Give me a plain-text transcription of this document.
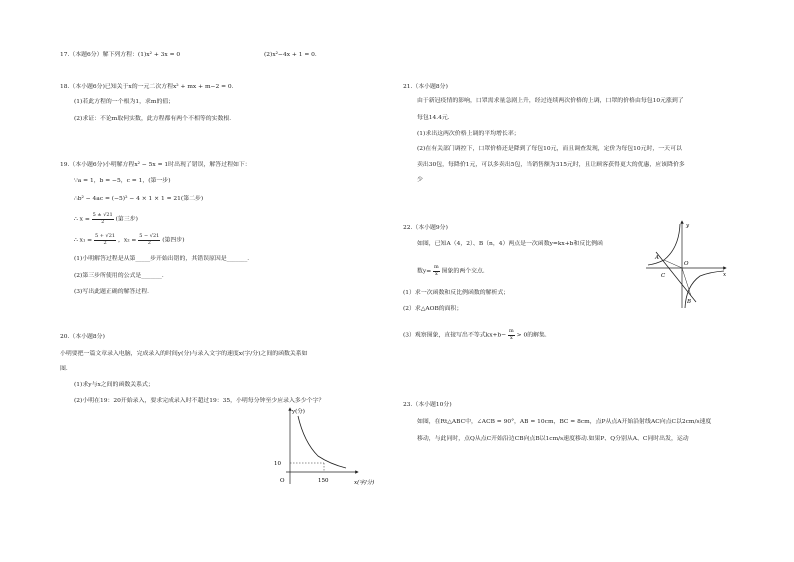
17.（本题6分）解下列方程：(1)x² + 3x = 0	(2)x²−4x + 1 = 0．
18.（本小题6分)已知关于x的一元二次方程x² + mx + m−2 = 0．
(1)若此方程的一个根为1，求m的值；
(2)求证：不论m取何实数，此方程都有两个不相等的实数根．
19.（本小题6分)小明解方程x² − 5x = 1时出现了错误，解答过程如下：
∵a = 1，b = −5，c = 1，(第一步)
∴b² − 4ac = (−5)² − 4 × 1 × 1 = 21(第二步)
∴ $x = \frac{5 \pm √21}{2}$ (第三步)
∴ $x_1 = \frac{5 + √21}{2}$ ，$x_2 = \frac{5 - √21}{2}$ (第四步)
(1)小明解答过程是从第_____步开始出错的，其错误原因是_______．
(2)第三步所使用的公式是_______．
(3)写出此题正确的解答过程．
20.（本小题8分)
小明要把一篇文章录入电脑，完成录入的时间y(分)与录入文字的速度x(字/分)之间的函数关系如
图．
(1)求y与x之间的函数关系式；
(2)小明在19：20开始录入，要求完成录入时不超过19：35，小明每分钟至少应录入多少个字？
y(分)
x(字/分)
10
150
O
21.（本小题8分)
由于新冠疫情的影响，口罩需求量急剧上升，经过连续两次价格的上调，口罩的价格由每包10元涨到了
每包14.4元．
(1)求出这两次价格上调的平均增长率；
(2)在有关部门调控下，口罩价格还是降到了每包10元，而且调查发现，定价为每包10元时，一天可以
卖出30包，每降价1元，可以多卖出5包，当销售额为315元时，且让顾客获得更大的优惠，应该降价多
少
22.（本小题9分)
如图，已知A（4，2）、B（n，4）两点是一次函数y=kx+b和反比例函
数$y= \frac{m}{x}$ 图象的两个交点．
(1）求一次函数和反比例函数的解析式；
(2）求△AOB的面积；
(3）观察图象，直接写出不等式$kx+b- \frac{m}{x} > 0$的解集．
y
x
A
O
C
B
23.（本小题10分)
如图，在Rt△ABC中，∠ACB = 90°，AB = 10cm，BC = 8cm，点P从点A开始沿射线AC向点C以2cm/s速度
移动，与此同时，点Q从点C开始沿边CB向点B以1cm/s速度移动.如果P、Q分别从A、C同时出发，运动
